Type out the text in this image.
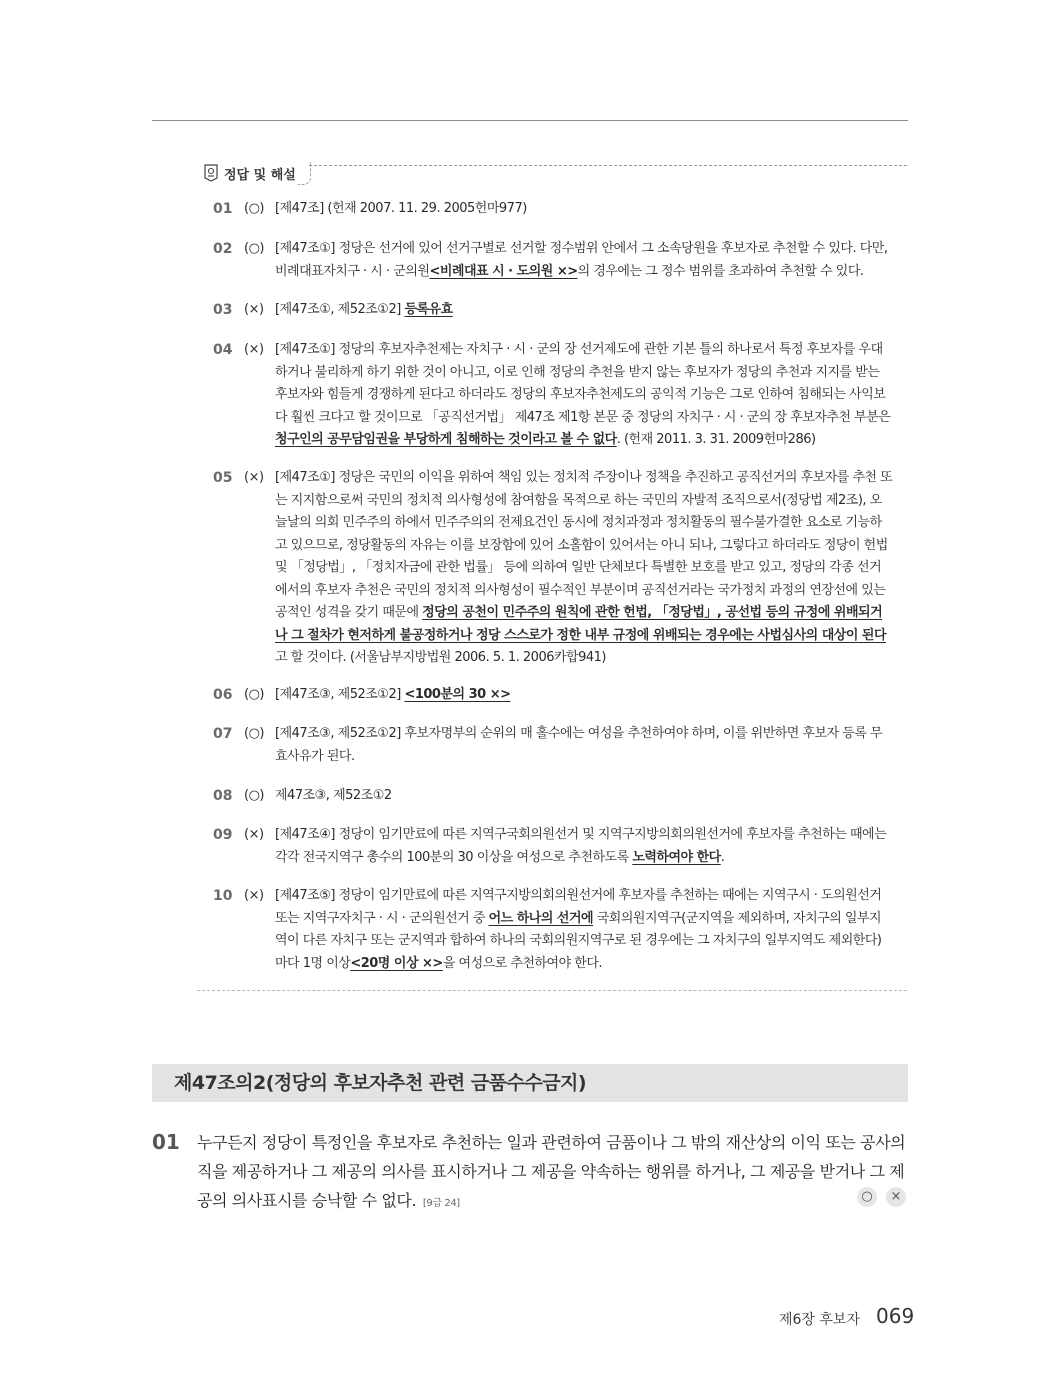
정답 및 해설
01 (○) [제47조] (헌재 2007. 11. 29. 2005헌마977)
02 (○) [제47조①] 정당은 선거에 있어 선거구별로 선거할 정수범위 안에서 그 소속당원을 후보자로 추천할 수 있다. 다만, 비례대표자치구 · 시 · 군의원<비례대표 시 · 도의원 ×>의 경우에는 그 정수 범위를 초과하여 추천할 수 있다.
03 (×) [제47조①, 제52조①2] 등록유효
04 (×) [제47조①] 정당의 후보자추천제는 자치구 · 시 · 군의 장 선거제도에 관한 기본 틀의 하나로서 특정 후보자를 우대하거나 불리하게 하기 위한 것이 아니고, 이로 인해 정당의 추천을 받지 않는 후보자가 정당의 추천과 지지를 받는 후보자와 힘들게 경쟁하게 된다고 하더라도 정당의 후보자추천제도의 공익적 기능은 그로 인하여 침해되는 사익보다 훨씬 크다고 할 것이므로 「공직선거법」 제47조 제1항 본문 중 정당의 자치구 · 시 · 군의 장 후보자추천 부분은 청구인의 공무담임권을 부당하게 침해하는 것이라고 볼 수 없다. (헌재 2011. 3. 31. 2009헌마286)
05 (×) [제47조①] 정당은 국민의 이익을 위하여 책임 있는 정치적 주장이나 정책을 추진하고 공직선거의 후보자를 추천 또는 지지함으로써 국민의 정치적 의사형성에 참여함을 목적으로 하는 국민의 자발적 조직으로서(정당법 제2조), 오늘날의 의회 민주주의 하에서 민주주의의 전제요건인 동시에 정치과정과 정치활동의 필수불가결한 요소로 기능하고 있으므로, 정당활동의 자유는 이를 보장함에 있어 소홀함이 있어서는 아니 되나, 그렇다고 하더라도 정당이 헌법 및 「정당법」, 「정치자금에 관한 법률」 등에 의하여 일반 단체보다 특별한 보호를 받고 있고, 정당의 각종 선거에서의 후보자 추천은 국민의 정치적 의사형성이 필수적인 부분이며 공직선거라는 국가정치 과정의 연장선에 있는 공적인 성격을 갖기 때문에 정당의 공천이 민주주의 원칙에 관한 헌법, 「정당법」, 공선법 등의 규정에 위배되거나 그 절차가 현저하게 불공정하거나 정당 스스로가 정한 내부 규정에 위배되는 경우에는 사법심사의 대상이 된다고 할 것이다. (서울남부지방법원 2006. 5. 1. 2006카합941)
06 (○) [제47조③, 제52조①2] <100분의 30 ×>
07 (○) [제47조③, 제52조①2] 후보자명부의 순위의 매 홀수에는 여성을 추천하여야 하며, 이를 위반하면 후보자 등록 무효사유가 된다.
08 (○) 제47조③, 제52조①2
09 (×) [제47조④] 정당이 임기만료에 따른 지역구국회의원선거 및 지역구지방의회의원선거에 후보자를 추천하는 때에는 각각 전국지역구 총수의 100분의 30 이상을 여성으로 추천하도록 노력하여야 한다.
10 (×) [제47조⑤] 정당이 임기만료에 따른 지역구지방의회의원선거에 후보자를 추천하는 때에는 지역구시 · 도의원선거 또는 지역구자치구 · 시 · 군의원선거 중 어느 하나의 선거에 국회의원지역구(군지역을 제외하며, 자치구의 일부지역이 다른 자치구 또는 군지역과 합하여 하나의 국회의원지역구로 된 경우에는 그 자치구의 일부지역도 제외한다)마다 1명 이상<20명 이상 ×>을 여성으로 추천하여야 한다.
제47조의2(정당의 후보자추천 관련 금품수수금지)
01 누구든지 정당이 특정인을 후보자로 추천하는 일과 관련하여 금품이나 그 밖의 재산상의 이익 또는 공사의 직을 제공하거나 그 제공의 의사를 표시하거나 그 제공을 약속하는 행위를 하거나, 그 제공을 받거나 그 제공의 의사표시를 승낙할 수 없다. [9급 24]	○	×
제6장 후보자 069
